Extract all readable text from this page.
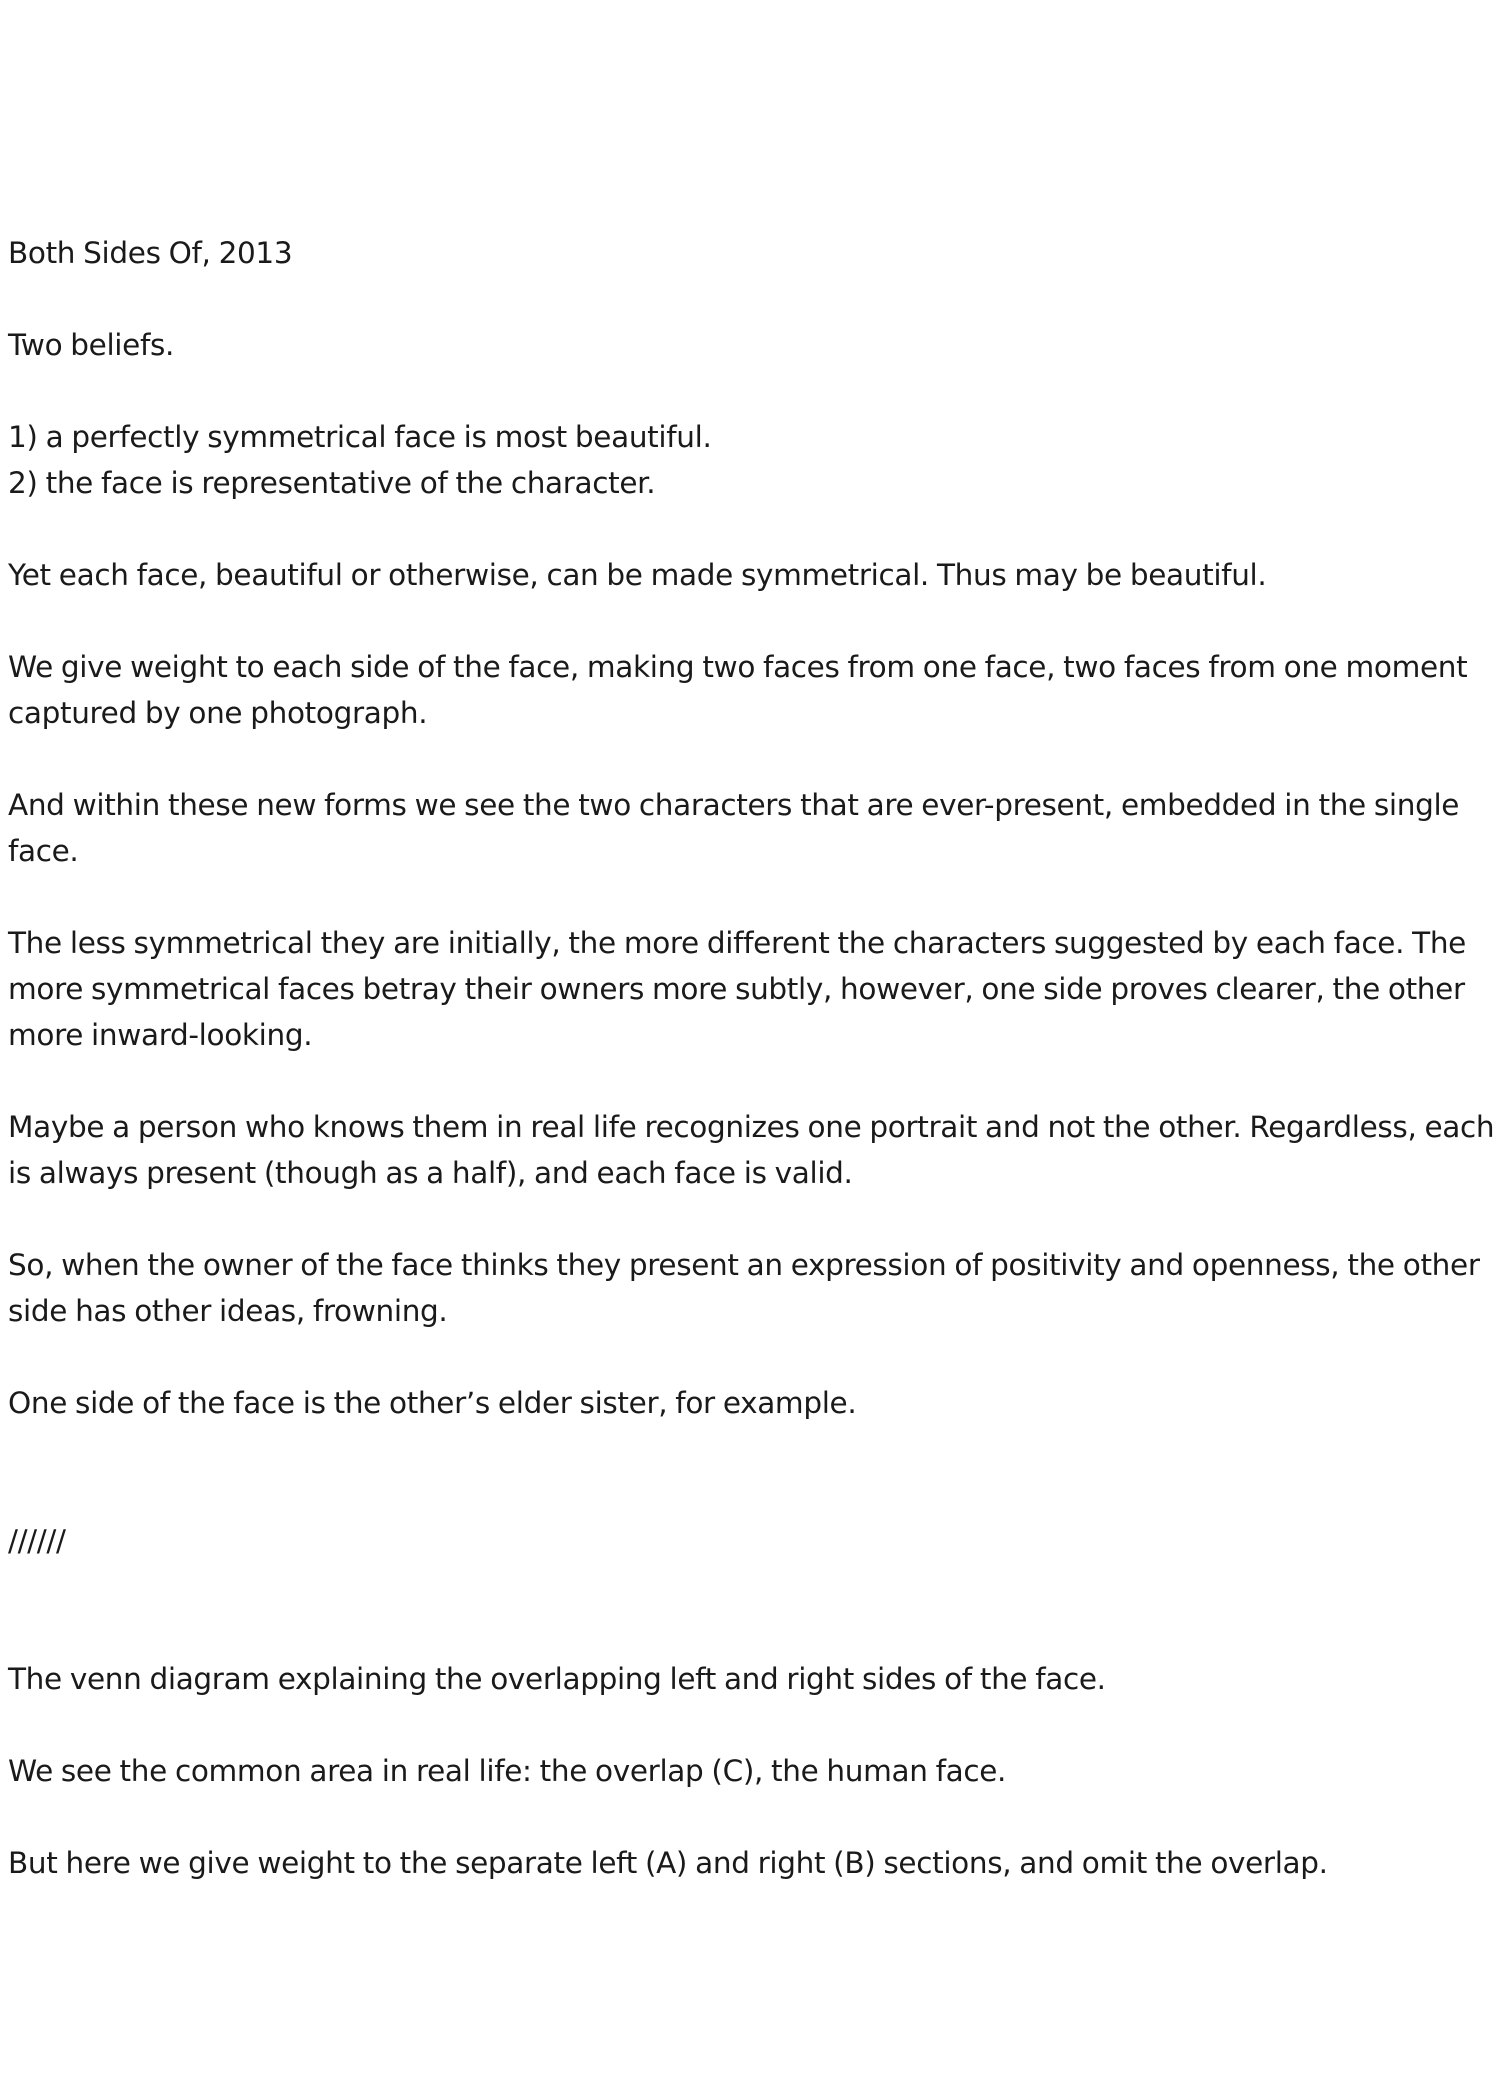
Both Sides Of, 2013

Two beliefs.

1) a perfectly symmetrical face is most beautiful.
2) the face is representative of the character.

Yet each face, beautiful or otherwise, can be made symmetrical. Thus may be beautiful.

We give weight to each side of the face, making two faces from one face, two faces from one moment captured by one photograph.

And within these new forms we see the two characters that are ever-present, embedded in the single face.

The less symmetrical they are initially, the more different the characters suggested by each face. The more symmetrical faces betray their owners more subtly, however, one side proves clearer, the other more inward-looking.

Maybe a person who knows them in real life recognizes one portrait and not the other. Regardless, each is always present (though as a half), and each face is valid.

So, when the owner of the face thinks they present an expression of positivity and openness, the other side has other ideas, frowning.

One side of the face is the other’s elder sister, for example.

//////

The venn diagram explaining the overlapping left and right sides of the face.

We see the common area in real life: the overlap (C), the human face.

But here we give weight to the separate left (A) and right (B) sections, and omit the overlap.
